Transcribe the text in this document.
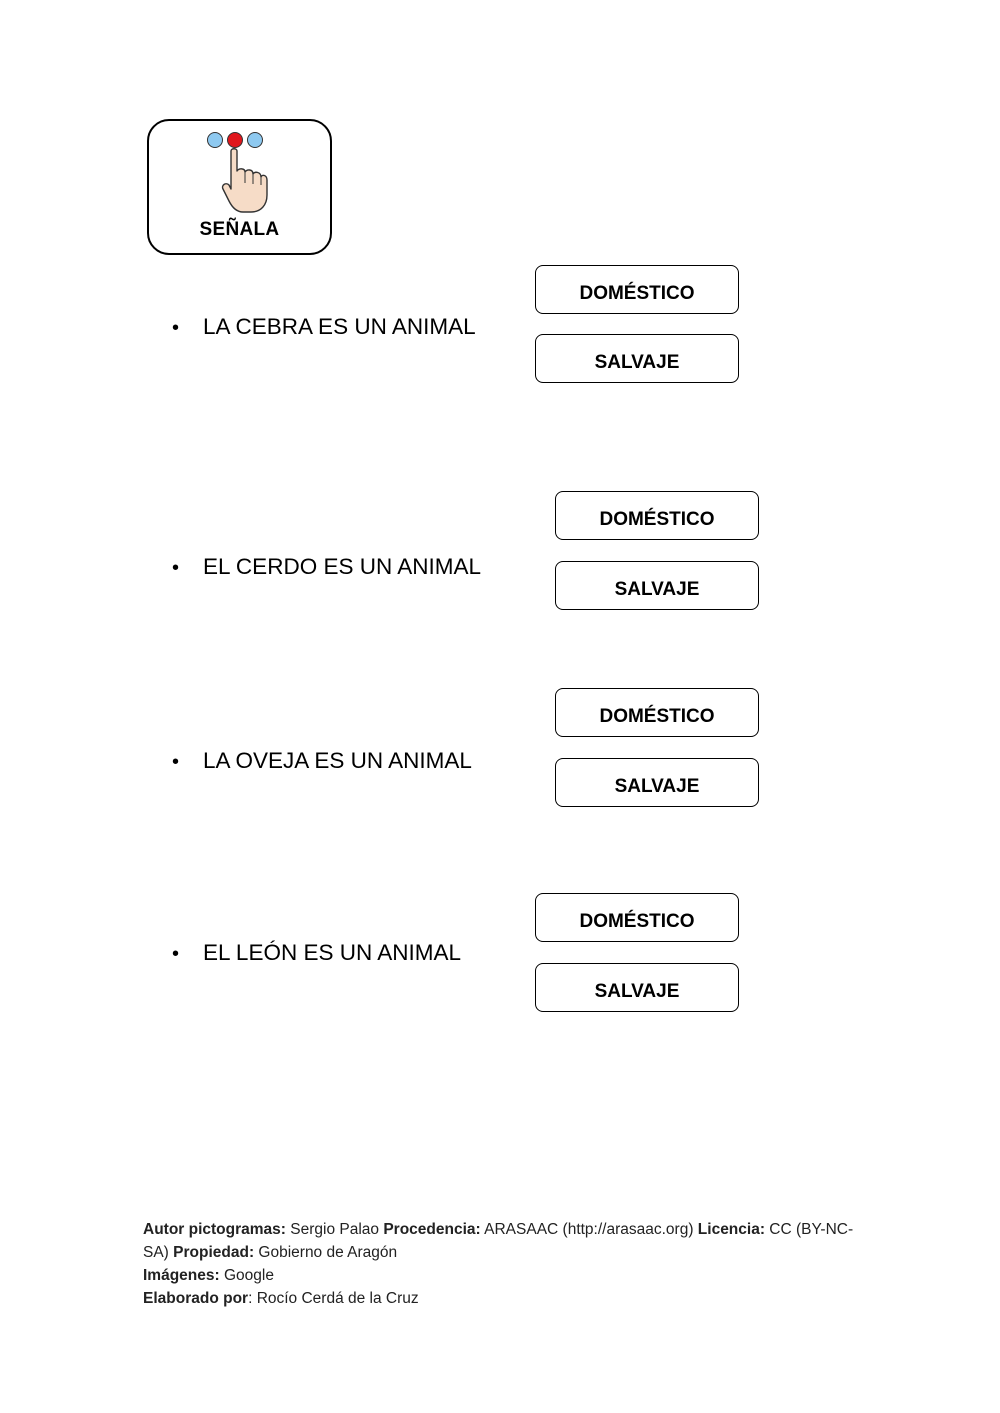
SEÑALA
• LA CEBRA ES UN ANIMAL
DOMÉSTICO
SALVAJE
• EL CERDO ES UN ANIMAL
DOMÉSTICO
SALVAJE
• LA OVEJA ES UN ANIMAL
DOMÉSTICO
SALVAJE
• EL LEÓN ES UN ANIMAL
DOMÉSTICO
SALVAJE
Autor pictogramas: Sergio Palao Procedencia: ARASAAC (http://arasaac.org) Licencia: CC (BY-NC-SA) Propiedad: Gobierno de Aragón
Imágenes: Google
Elaborado por: Rocío Cerdá de la Cruz
